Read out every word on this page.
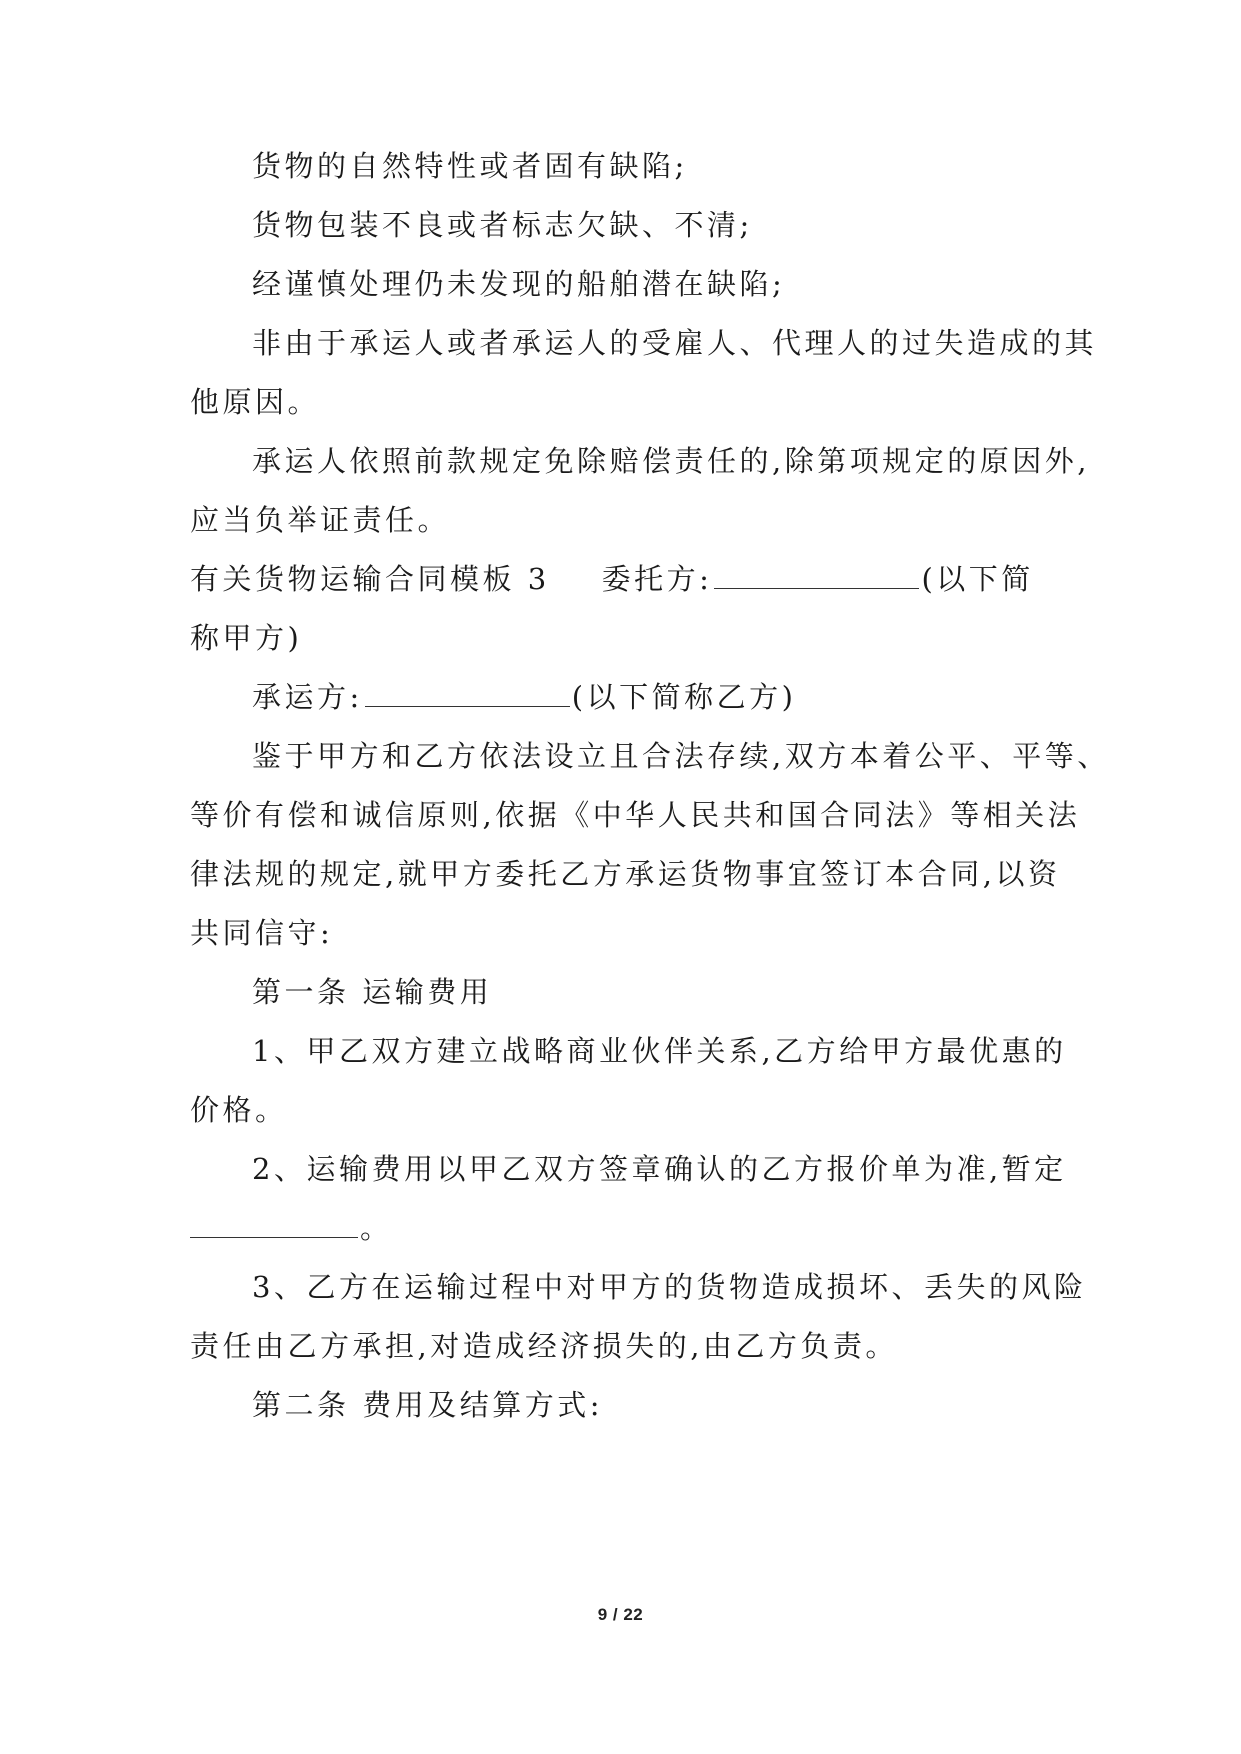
货物的自然特性或者固有缺陷;

货物包装不良或者标志欠缺、不清;

经谨慎处理仍未发现的船舶潜在缺陷;

非由于承运人或者承运人的受雇人、代理人的过失造成的其

他原因。

承运人依照前款规定免除赔偿责任的,除第项规定的原因外,

应当负举证责任。

有关货物运输合同模板 3 委托方:	(以下简

称甲方)

承运方:	(以下简称乙方)

鉴于甲方和乙方依法设立且合法存续,双方本着公平、平等、

等价有偿和诚信原则,依据《中华人民共和国合同法》等相关法

律法规的规定,就甲方委托乙方承运货物事宜签订本合同,以资

共同信守:

第一条 运输费用

1、甲乙双方建立战略商业伙伴关系,乙方给甲方最优惠的

价格。

2、运输费用以甲乙双方签章确认的乙方报价单为准,暂定

。

3、乙方在运输过程中对甲方的货物造成损坏、丢失的风险

责任由乙方承担,对造成经济损失的,由乙方负责。

第二条 费用及结算方式:

9 / 22
